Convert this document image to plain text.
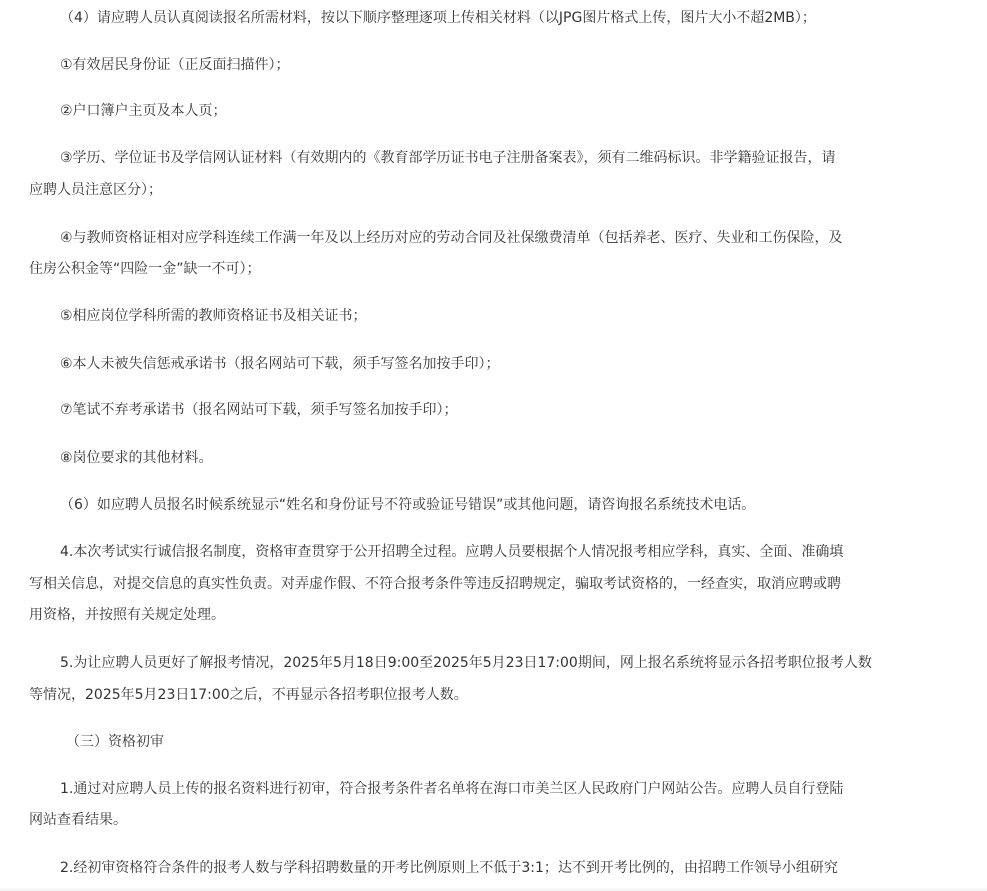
（4）请应聘人员认真阅读报名所需材料，按以下顺序整理逐项上传相关材料（以JPG图片格式上传，图片大小不超2MB）；
①有效居民身份证（正反面扫描件）；
②户口簿户主页及本人页；
③学历、学位证书及学信网认证材料（有效期内的《教育部学历证书电子注册备案表》，须有二维码标识。非学籍验证报告，请
应聘人员注意区分）；
④与教师资格证相对应学科连续工作满一年及以上经历对应的劳动合同及社保缴费清单（包括养老、医疗、失业和工伤保险，及
住房公积金等“四险一金”缺一不可）；
⑤相应岗位学科所需的教师资格证书及相关证书；
⑥本人未被失信惩戒承诺书（报名网站可下载，须手写签名加按手印）；
⑦笔试不弃考承诺书（报名网站可下载，须手写签名加按手印）；
⑧岗位要求的其他材料。
（6）如应聘人员报名时候系统显示“姓名和身份证号不符或验证号错误”或其他问题，请咨询报名系统技术电话。
4.本次考试实行诚信报名制度，资格审查贯穿于公开招聘全过程。应聘人员要根据个人情况报考相应学科，真实、全面、准确填
写相关信息，对提交信息的真实性负责。对弄虚作假、不符合报考条件等违反招聘规定，骗取考试资格的，一经查实，取消应聘或聘
用资格，并按照有关规定处理。
5.为让应聘人员更好了解报考情况，2025年5月18日9:00至2025年5月23日17:00期间，网上报名系统将显示各招考职位报考人数
等情况，2025年5月23日17:00之后，不再显示各招考职位报考人数。
（三）资格初审
1.通过对应聘人员上传的报名资料进行初审，符合报考条件者名单将在海口市美兰区人民政府门户网站公告。应聘人员自行登陆
网站查看结果。
2.经初审资格符合条件的报考人数与学科招聘数量的开考比例原则上不低于3:1；达不到开考比例的，由招聘工作领导小组研究
